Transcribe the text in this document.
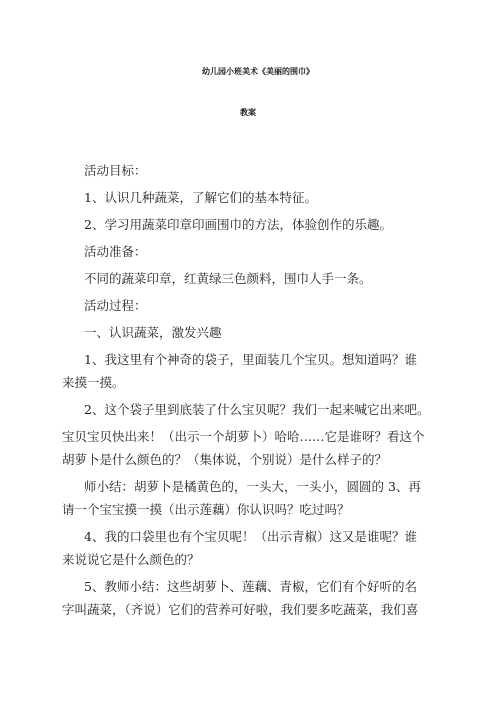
幼儿园小班美术《美丽的围巾》
教案
活动目标：
1、认识几种蔬菜，了解它们的基本特征。
2、学习用蔬菜印章印画围巾的方法，体验创作的乐趣。
活动准备：
不同的蔬菜印章，红黄绿三色颜料，围巾人手一条。
活动过程：
一、认识蔬菜，激发兴趣
1、我这里有个神奇的袋子，里面装几个宝贝。想知道吗？谁
来摸一摸。
2、这个袋子里到底装了什么宝贝呢？我们一起来喊它出来吧。
宝贝宝贝快出来！（出示一个胡萝卜）哈哈……它是谁呀？看这个
胡萝卜是什么颜色的？（集体说，个别说）是什么样子的？
师小结：胡萝卜是橘黄色的，一头大，一头小，圆圆的 3、再
请一个宝宝摸一摸（出示莲藕）你认识吗？吃过吗？
4、我的口袋里也有个宝贝呢！（出示青椒）这又是谁呢？谁
来说说它是什么颜色的？
5、教师小结：这些胡萝卜、莲藕、青椒，它们有个好听的名
字叫蔬菜，（齐说）它们的营养可好啦，我们要多吃蔬菜，我们喜
